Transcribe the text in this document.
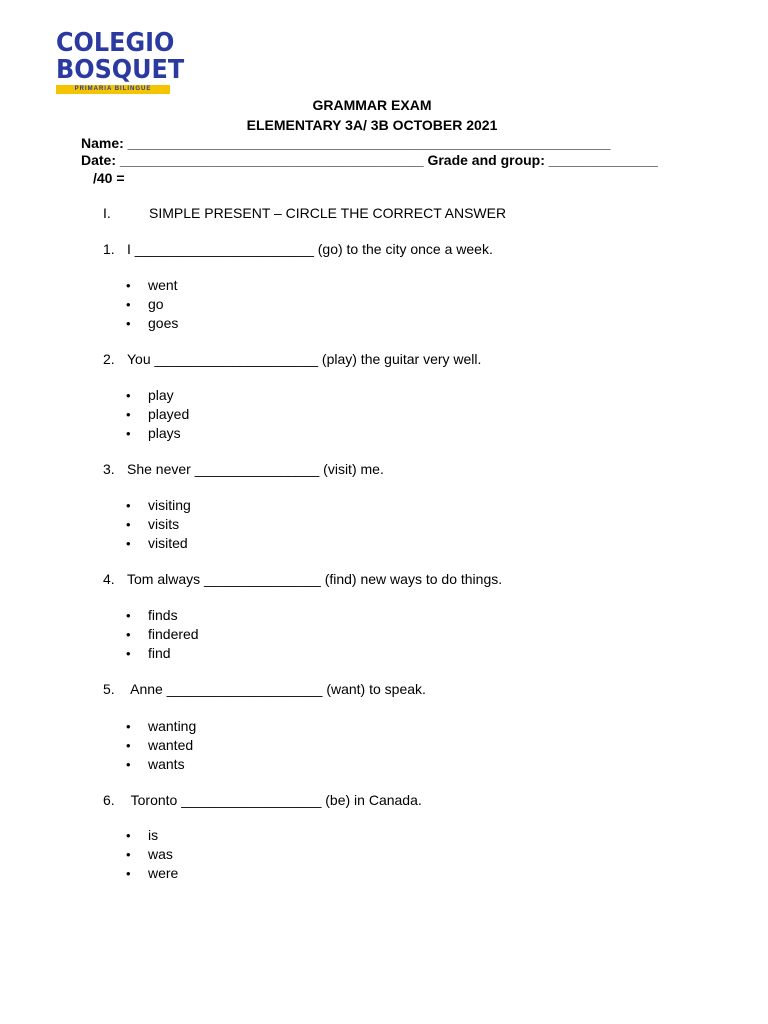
COLEGIO
BOSQUET
PRIMARIA BILINGÜE
GRAMMAR EXAM
ELEMENTARY 3A/ 3B OCTOBER 2021
Name: ______________________________________________________________
Date: _______________________________________ Grade and group: ______________
/40 =
I.	SIMPLE PRESENT – CIRCLE THE CORRECT ANSWER
1. I _______________________ (go) to the city once a week.
• went
• go
• goes
2. You _____________________ (play) the guitar very well.
• play
• played
• plays
3. She never ________________ (visit) me.
• visiting
• visits
• visited
4. Tom always _______________ (find) new ways to do things.
• finds
• findered
• find
5. Anne ____________________ (want) to speak.
• wanting
• wanted
• wants
6. Toronto __________________ (be) in Canada.
• is
• was
• were
